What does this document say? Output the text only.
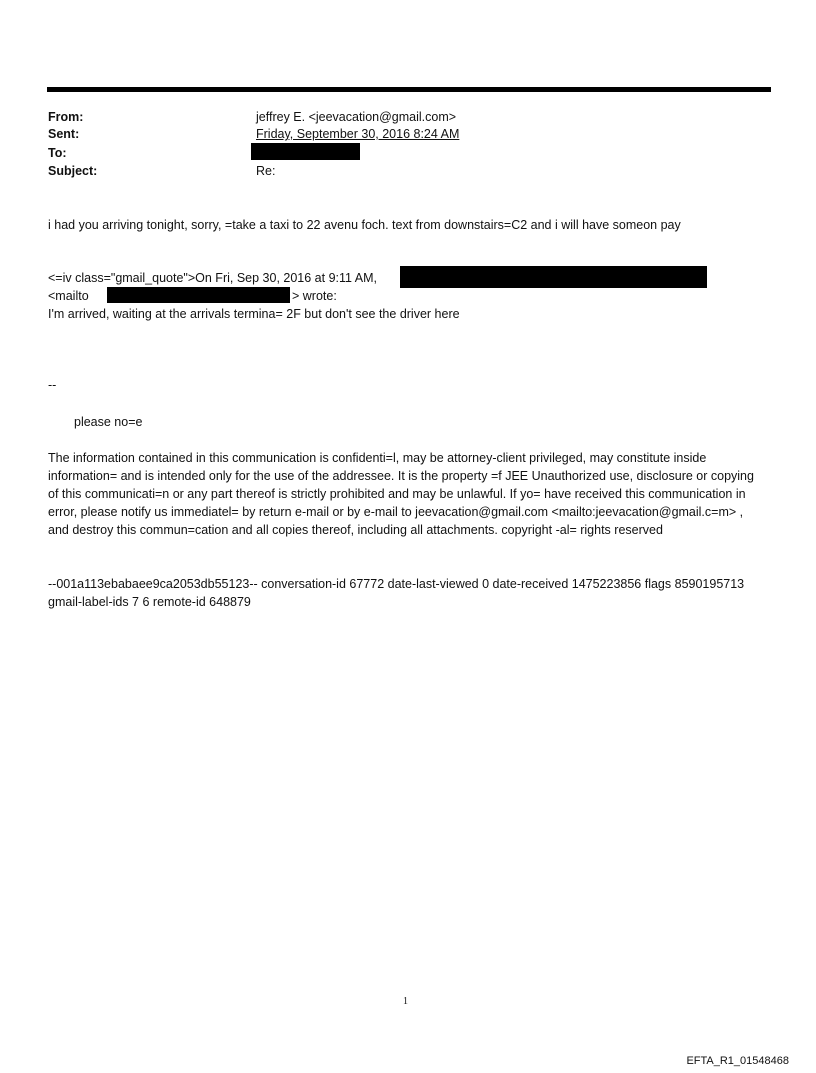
From:	jeffrey E. <jeevacation@gmail.com>
Sent:	Friday, September 30, 2016 8:24 AM
To:
Subject:	Re:
i had you arriving tonight, sorry, =take a taxi to 22 avenu foch. text from downstairs=C2 and i will have someon pay
<=iv class="gmail_quote">On Fri, Sep 30, 2016 at 9:11 AM,
<mailto	> wrote:
I'm arrived, waiting at the arrivals termina= 2F but don't see the driver here
--
please no=e
The information contained in this communication is confidenti=l, may be attorney-client privileged, may constitute inside information= and is intended only for the use of the addressee. It is the property =f JEE Unauthorized use, disclosure or copying of this communicati=n or any part thereof is strictly prohibited and may be unlawful. If yo= have received this communication in error, please notify us immediatel= by return e-mail or by e-mail to jeevacation@gmail.com <mailto:jeevacation@gmail.c=m> , and destroy this commun=cation and all copies thereof, including all attachments. copyright -al= rights reserved
--001a113ebabaee9ca2053db55123-- conversation-id 67772 date-last-viewed 0 date-received 1475223856 flags 8590195713 gmail-label-ids 7 6 remote-id 648879
1
EFTA_R1_01548468
